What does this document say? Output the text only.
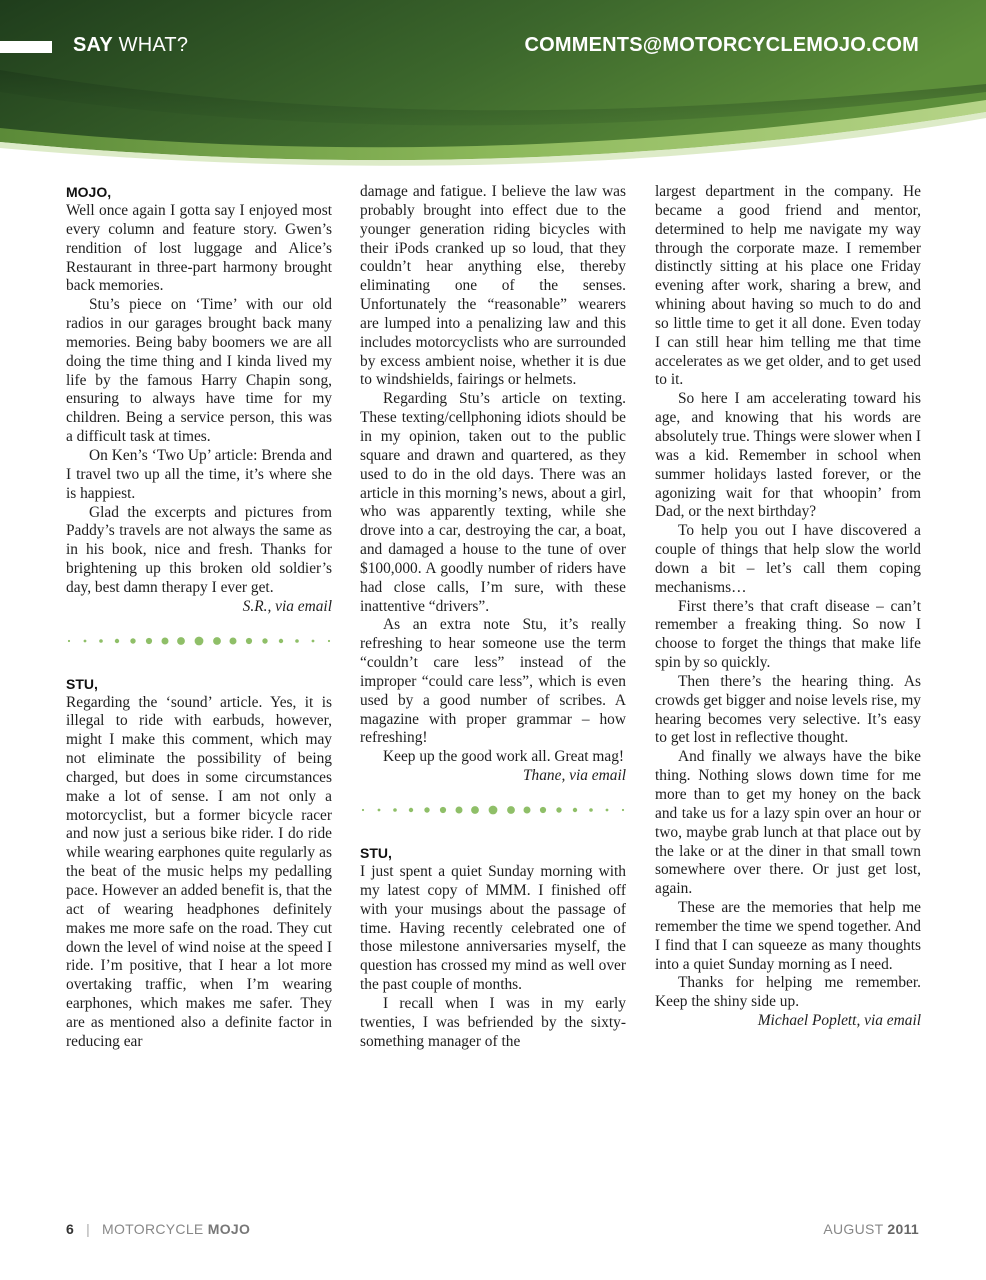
SAY WHAT?	COMMENTS@MOTORCYCLEMOJO.COM
MOJO,

Well once again I gotta say I enjoyed most every column and feature story. Gwen’s rendition of lost luggage and Alice’s Restaurant in three-part harmony brought back memories.

Stu’s piece on ‘Time’ with our old radios in our garages brought back many memories. Being baby boomers we are all doing the time thing and I kinda lived my life by the famous Harry Chapin song, ensuring to always have time for my children. Being a service person, this was a difficult task at times.

On Ken’s ‘Two Up’ article: Brenda and I travel two up all the time, it’s where she is happiest.

Glad the excerpts and pictures from Paddy’s travels are not always the same as in his book, nice and fresh. Thanks for brightening up this broken old soldier’s day, best damn therapy I ever get.

S.R., via email

STU,

Regarding the ‘sound’ article. Yes, it is illegal to ride with earbuds, however, might I make this comment, which may not eliminate the possibility of being charged, but does in some circumstances make a lot of sense. I am not only a motorcyclist, but a former bicycle racer and now just a serious bike rider. I do ride while wearing earphones quite regularly as the beat of the music helps my pedalling pace. However an added benefit is, that the act of wearing headphones definitely makes me more safe on the road. They cut down the level of wind noise at the speed I ride. I’m positive, that I hear a lot more overtaking traffic, when I’m wearing earphones, which makes me safer. They are as mentioned also a definite factor in reducing ear

damage and fatigue. I believe the law was probably brought into effect due to the younger generation riding bicycles with their iPods cranked up so loud, that they couldn’t hear anything else, thereby eliminating one of the senses. Unfortunately the “reasonable” wearers are lumped into a penalizing law and this includes motorcyclists who are surrounded by excess ambient noise, whether it is due to windshields, fairings or helmets.

Regarding Stu’s article on texting. These texting/cellphoning idiots should be in my opinion, taken out to the public square and drawn and quartered, as they used to do in the old days. There was an article in this morning’s news, about a girl, who was apparently texting, while she drove into a car, destroying the car, a boat, and damaged a house to the tune of over $100,000. A goodly number of riders have had close calls, I’m sure, with these inattentive “drivers”.

As an extra note Stu, it’s really refreshing to hear someone use the term “couldn’t care less” instead of the improper “could care less”, which is even used by a good number of scribes. A magazine with proper grammar – how refreshing!

Keep up the good work all. Great mag!

Thane, via email

STU,

I just spent a quiet Sunday morning with my latest copy of MMM. I finished off with your musings about the passage of time. Having recently celebrated one of those milestone anniversaries myself, the question has crossed my mind as well over the past couple of months.

I recall when I was in my early twenties, I was befriended by the sixty-something manager of the

largest department in the company. He became a good friend and mentor, determined to help me navigate my way through the corporate maze. I remember distinctly sitting at his place one Friday evening after work, sharing a brew, and whining about having so much to do and so little time to get it all done. Even today I can still hear him telling me that time accelerates as we get older, and to get used to it.

So here I am accelerating toward his age, and knowing that his words are absolutely true. Things were slower when I was a kid. Remember in school when summer holidays lasted forever, or the agonizing wait for that whoopin’ from Dad, or the next birthday?

To help you out I have discovered a couple of things that help slow the world down a bit – let’s call them coping mechanisms…

First there’s that craft disease – can’t remember a freaking thing. So now I choose to forget the things that make life spin by so quickly.

Then there’s the hearing thing. As crowds get bigger and noise levels rise, my hearing becomes very selective. It’s easy to get lost in reflective thought.

And finally we always have the bike thing. Nothing slows down time for me more than to get my honey on the back and take us for a lazy spin over an hour or two, maybe grab lunch at that place out by the lake or at the diner in that small town somewhere over there. Or just get lost, again.

These are the memories that help me remember the time we spend together. And I find that I can squeeze as many thoughts into a quiet Sunday morning as I need.

Thanks for helping me remember. Keep the shiny side up.

Michael Poplett, via email

6 | MOTORCYCLE MOJO	AUGUST 2011
